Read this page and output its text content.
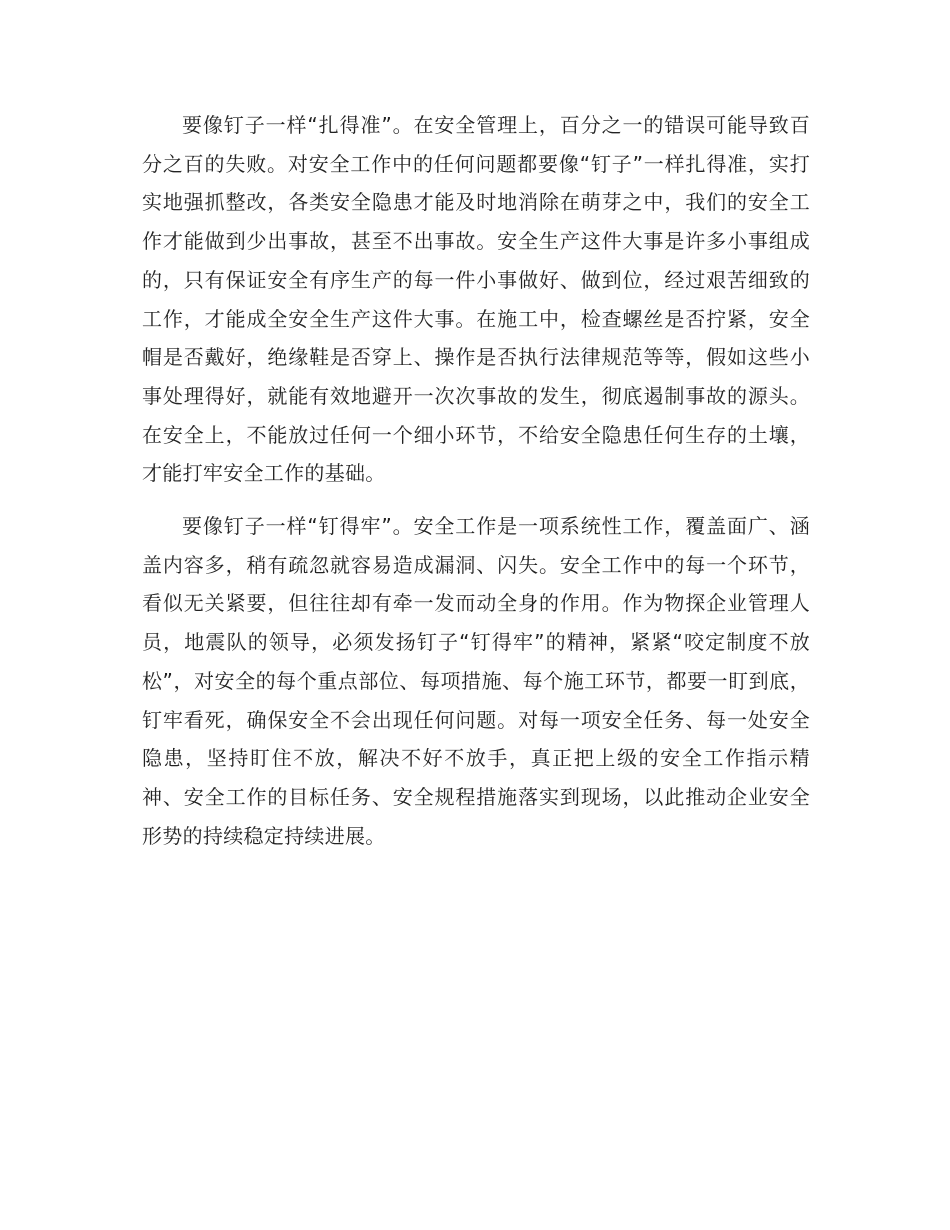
要像钉子一样“扎得准”。在安全管理上，百分之一的错误可能导致百分之百的失败。对安全工作中的任何问题都要像“钉子”一样扎得准，实打实地强抓整改，各类安全隐患才能及时地消除在萌芽之中，我们的安全工作才能做到少出事故，甚至不出事故。安全生产这件大事是许多小事组成的，只有保证安全有序生产的每一件小事做好、做到位，经过艰苦细致的工作，才能成全安全生产这件大事。在施工中，检查螺丝是否拧紧，安全帽是否戴好，绝缘鞋是否穿上、操作是否执行法律规范等等，假如这些小事处理得好，就能有效地避开一次次事故的发生，彻底遏制事故的源头。在安全上，不能放过任何一个细小环节，不给安全隐患任何生存的土壤，才能打牢安全工作的基础。

要像钉子一样“钉得牢”。安全工作是一项系统性工作，覆盖面广、涵盖内容多，稍有疏忽就容易造成漏洞、闪失。安全工作中的每一个环节，看似无关紧要，但往往却有牵一发而动全身的作用。作为物探企业管理人员，地震队的领导，必须发扬钉子“钉得牢”的精神，紧紧“咬定制度不放松”，对安全的每个重点部位、每项措施、每个施工环节，都要一盯到底，钉牢看死，确保安全不会出现任何问题。对每一项安全任务、每一处安全隐患，坚持盯住不放，解决不好不放手，真正把上级的安全工作指示精神、安全工作的目标任务、安全规程措施落实到现场，以此推动企业安全形势的持续稳定持续进展。
